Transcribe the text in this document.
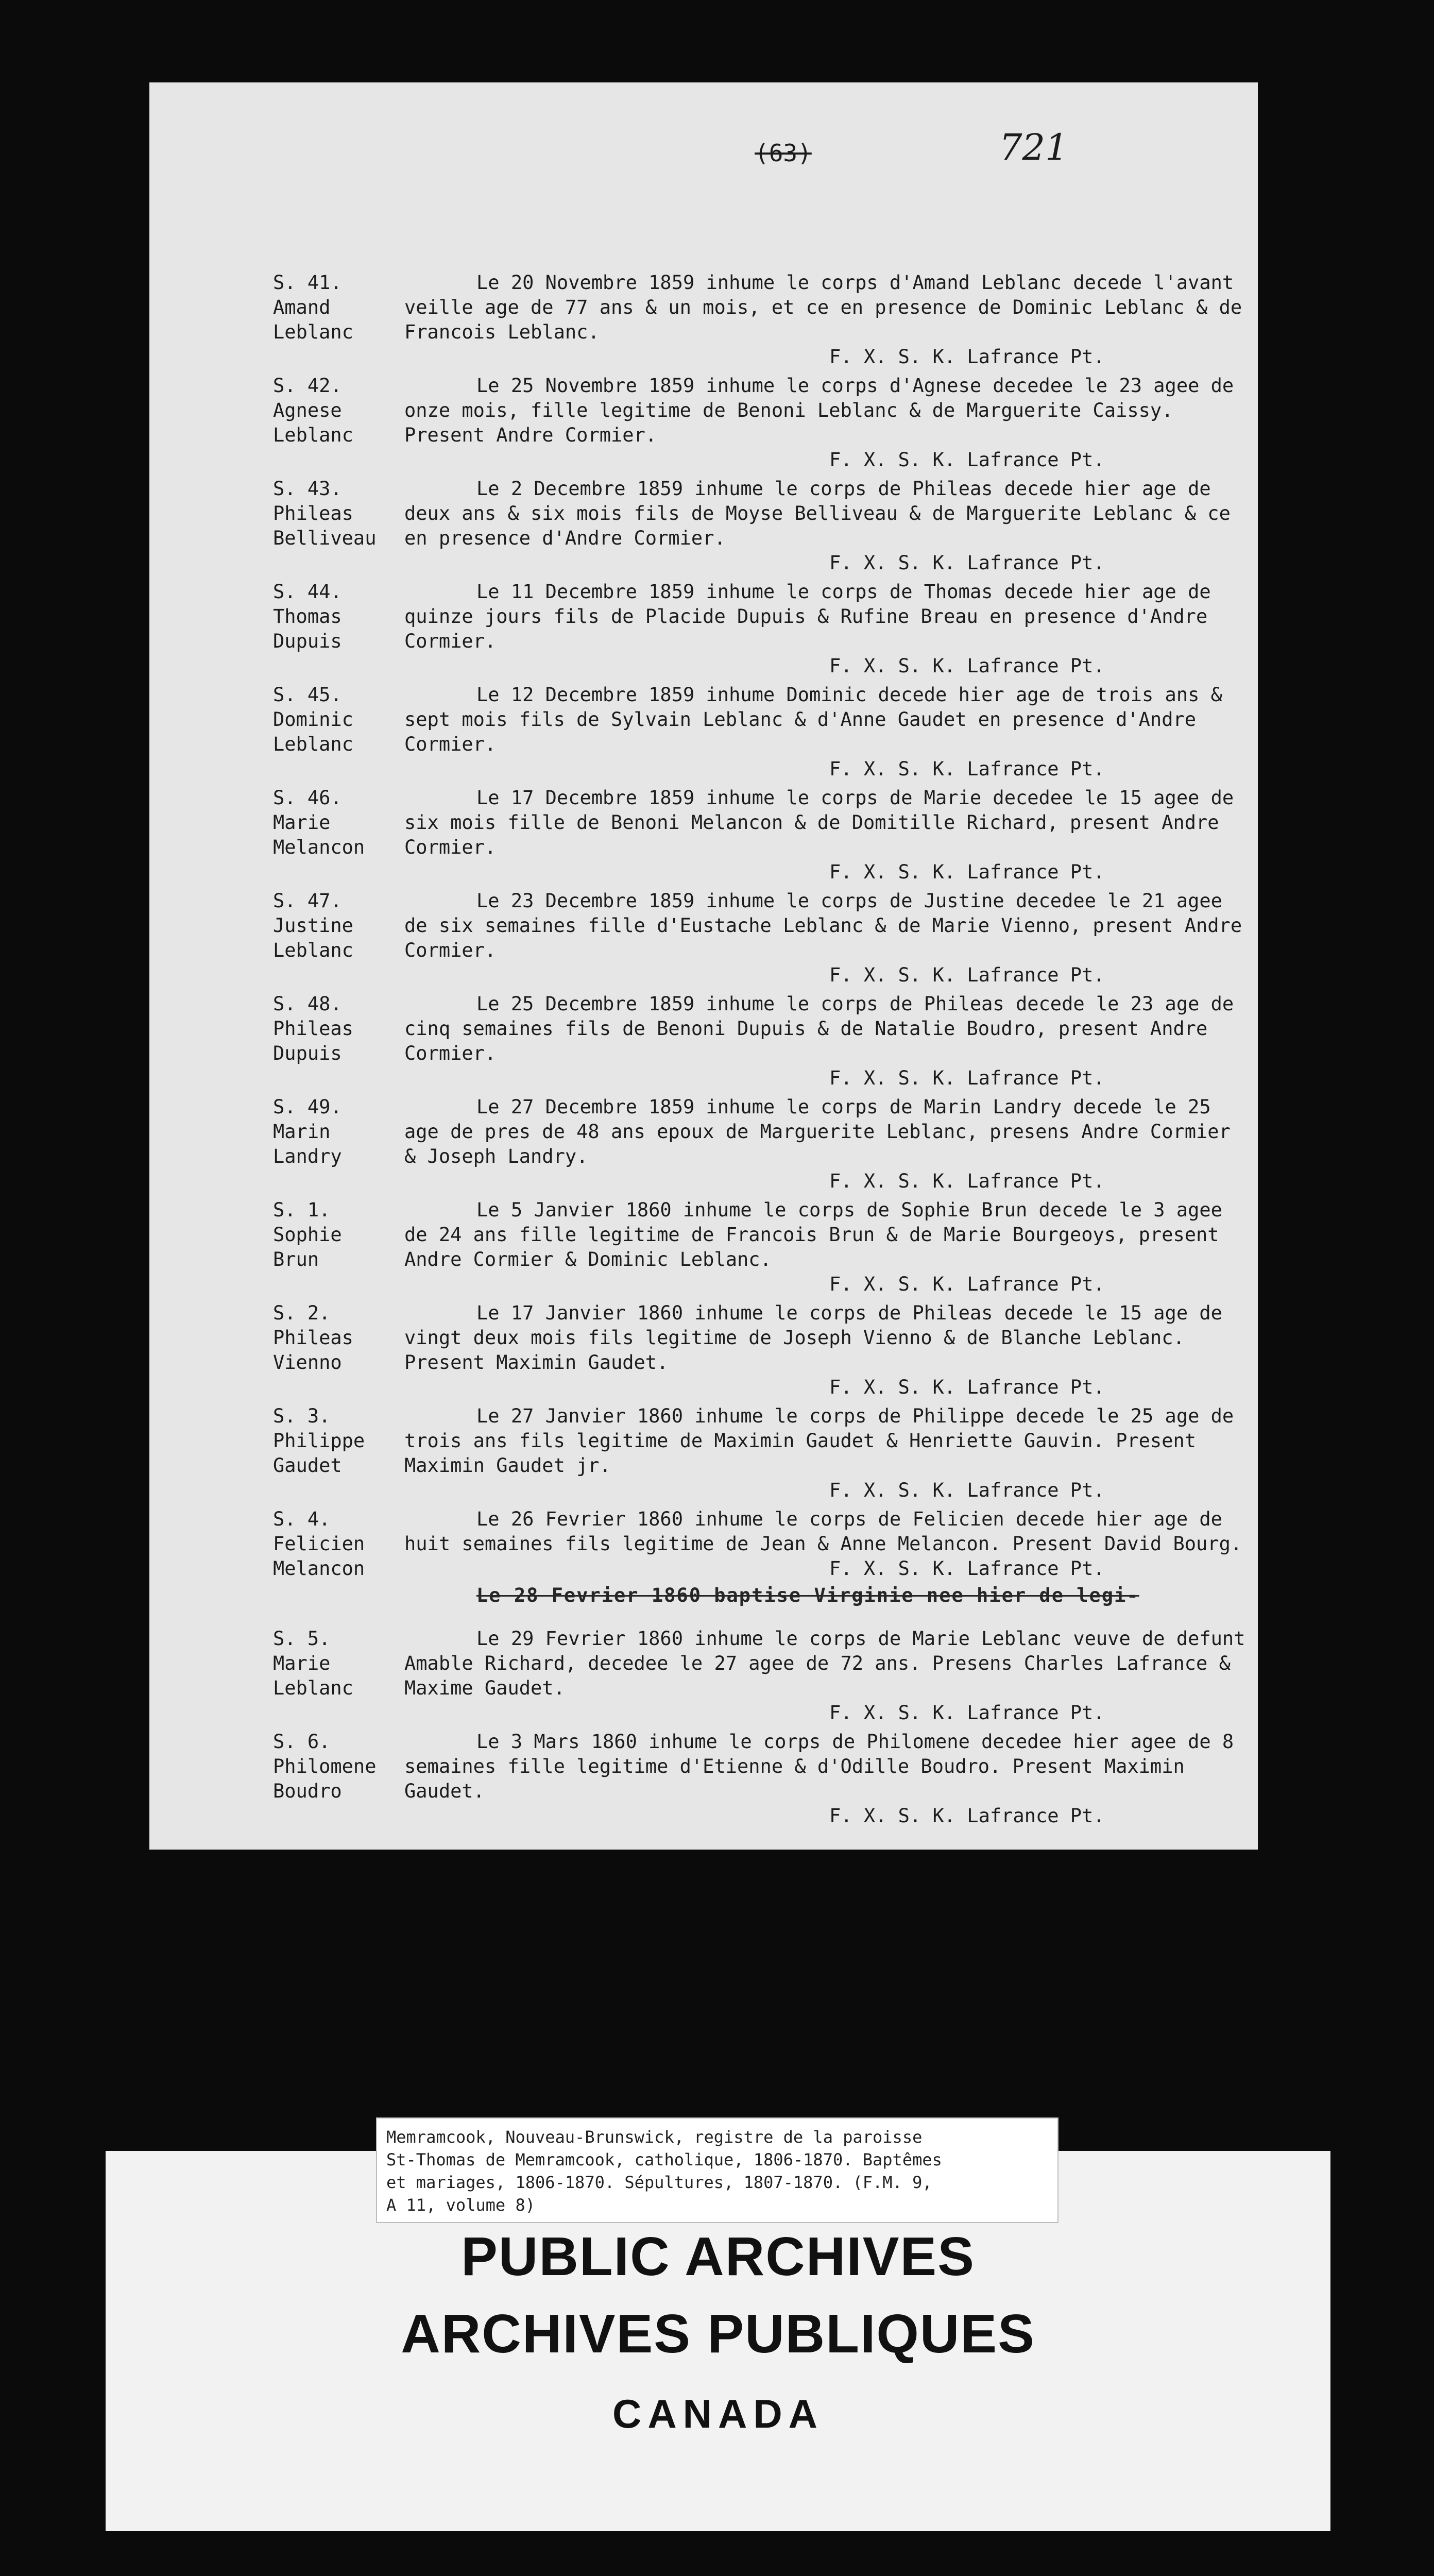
(63)	721
S. 41.
Amand
Leblanc
Le 20 Novembre 1859 inhume le corps d'Amand Leblanc decede l'avant veille age de 77 ans & un mois, et ce en presence de Dominic Leblanc & de Francois Leblanc.
F. X. S. K. Lafrance Pt.
S. 42.
Agnese
Leblanc
Le 25 Novembre 1859 inhume le corps d'Agnese decedee le 23 agee de onze mois, fille legitime de Benoni Leblanc & de Marguerite Caissy. Present Andre Cormier.
F. X. S. K. Lafrance Pt.
S. 43.
Phileas
Belliveau
Le 2 Decembre 1859 inhume le corps de Phileas decede hier age de deux ans & six mois fils de Moyse Belliveau & de Marguerite Leblanc & ce en presence d'Andre Cormier.
F. X. S. K. Lafrance Pt.
S. 44.
Thomas
Dupuis
Le 11 Decembre 1859 inhume le corps de Thomas decede hier age de quinze jours fils de Placide Dupuis & Rufine Breau en presence d'Andre Cormier.
F. X. S. K. Lafrance Pt.
S. 45.
Dominic
Leblanc
Le 12 Decembre 1859 inhume Dominic decede hier age de trois ans & sept mois fils de Sylvain Leblanc & d'Anne Gaudet en presence d'Andre Cormier.
F. X. S. K. Lafrance Pt.
S. 46.
Marie
Melancon
Le 17 Decembre 1859 inhume le corps de Marie decedee le 15 agee de six mois fille de Benoni Melancon & de Domitille Richard, present Andre Cormier.
F. X. S. K. Lafrance Pt.
S. 47.
Justine
Leblanc
Le 23 Decembre 1859 inhume le corps de Justine decedee le 21 agee de six semaines fille d'Eustache Leblanc & de Marie Vienno, present Andre Cormier.
F. X. S. K. Lafrance Pt.
S. 48.
Phileas
Dupuis
Le 25 Decembre 1859 inhume le corps de Phileas decede le 23 age de cinq semaines fils de Benoni Dupuis & de Natalie Boudro, present Andre Cormier.
F. X. S. K. Lafrance Pt.
S. 49.
Marin
Landry
Le 27 Decembre 1859 inhume le corps de Marin Landry decede le 25 age de pres de 48 ans epoux de Marguerite Leblanc, presens Andre Cormier & Joseph Landry.
F. X. S. K. Lafrance Pt.
S. 1.
Sophie
Brun
Le 5 Janvier 1860 inhume le corps de Sophie Brun decede le 3 agee de 24 ans fille legitime de Francois Brun & de Marie Bourgeoys, present Andre Cormier & Dominic Leblanc.
F. X. S. K. Lafrance Pt.
S. 2.
Phileas
Vienno
Le 17 Janvier 1860 inhume le corps de Phileas decede le 15 age de vingt deux mois fils legitime de Joseph Vienno & de Blanche Leblanc. Present Maximin Gaudet.
F. X. S. K. Lafrance Pt.
S. 3.
Philippe
Gaudet
Le 27 Janvier 1860 inhume le corps de Philippe decede le 25 age de trois ans fils legitime de Maximin Gaudet & Henriette Gauvin. Present Maximin Gaudet jr.
F. X. S. K. Lafrance Pt.
S. 4.
Felicien
Melancon
Le 26 Fevrier 1860 inhume le corps de Felicien decede hier age de huit semaines fils legitime de Jean & Anne Melancon. Present David Bourg.
F. X. S. K. Lafrance Pt.
Le 28 Fevrier 1860 baptise Virginie nee hier de legi-
S. 5.
Marie
Leblanc
Le 29 Fevrier 1860 inhume le corps de Marie Leblanc veuve de defunt Amable Richard, decedee le 27 agee de 72 ans. Presens Charles Lafrance & Maxime Gaudet.
F. X. S. K. Lafrance Pt.
S. 6.
Philomene
Boudro
Le 3 Mars 1860 inhume le corps de Philomene decedee hier agee de 8 semaines fille legitime d'Etienne & d'Odille Boudro. Present Maximin Gaudet.
F. X. S. K. Lafrance Pt.
Memramcook, Nouveau-Brunswick, registre de la paroisse
St-Thomas de Memramcook, catholique, 1806-1870. Baptêmes
et mariages, 1806-1870. Sépultures, 1807-1870. (F.M. 9,
A 11, volume 8)
PUBLIC ARCHIVES
ARCHIVES PUBLIQUES
CANADA
